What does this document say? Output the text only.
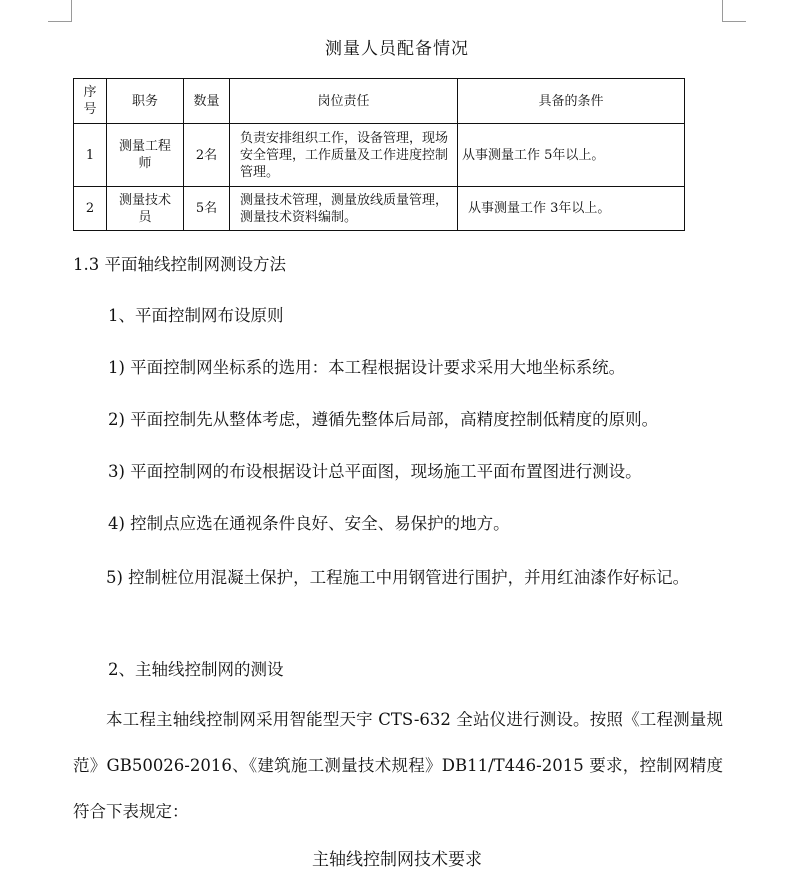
测量人员配备情况
序号	职务	数量	岗位责任	具备的条件
1	测量工程师	2名	负责安排组织工作，设备管理，现场安全管理，工作质量及工作进度控制管理。	从事测量工作 5年以上。
2	测量技术员	5名	测量技术管理，测量放线质量管理，测量技术资料编制。	从事测量工作 3年以上。
1.3 平面轴线控制网测设方法
1、平面控制网布设原则
1) 平面控制网坐标系的选用：本工程根据设计要求采用大地坐标系统。
2) 平面控制先从整体考虑，遵循先整体后局部，高精度控制低精度的原则。
3) 平面控制网的布设根据设计总平面图，现场施工平面布置图进行测设。
4) 控制点应选在通视条件良好、安全、易保护的地方。
5) 控制桩位用混凝土保护，工程施工中用钢管进行围护，并用红油漆作好标记。
2、主轴线控制网的测设
本工程主轴线控制网采用智能型天宇 CTS-632 全站仪进行测设。按照《工程测量规范》GB50026-2016、《建筑施工测量技术规程》DB11/T446-2015 要求，控制网精度符合下表规定：
主轴线控制网技术要求
